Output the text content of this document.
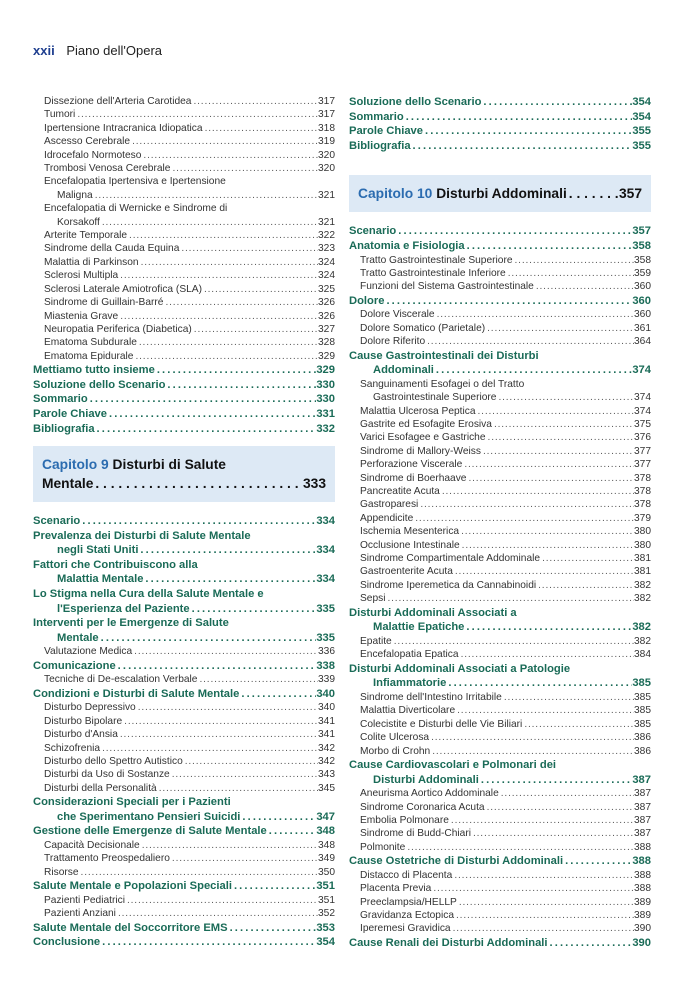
xxii Piano dell'Opera
Dissezione dell'Arteria Carotidea . . .	317
Tumori . . .	317
Ipertensione Intracranica Idiopatica . . .	318
Ascesso Cerebrale . . .	319
Idrocefalo Normoteso . . .	320
Trombosi Venosa Cerebrale . . .	320
Encefalopatia Ipertensiva e Ipertensione
Maligna . . .	321
Encefalopatia di Wernicke e Sindrome di
Korsakoff . . .	321
Arterite Temporale . . .	322
Sindrome della Cauda Equina . . .	323
Malattia di Parkinson . . .	324
Sclerosi Multipla . . .	324
Sclerosi Laterale Amiotrofica (SLA) . . .	325
Sindrome di Guillain-Barré . . .	326
Miastenia Grave . . .	326
Neuropatia Periferica (Diabetica) . . .	327
Ematoma Subdurale . . .	328
Ematoma Epidurale . . .	329
Mettiamo tutto insieme . . .	329
Soluzione dello Scenario . . .	330
Sommario . . .	330
Parole Chiave . . .	331
Bibliografia . . .	332
Capitolo 9 Disturbi di Salute
Mentale . . .	333
Scenario . . .	334
Prevalenza dei Disturbi di Salute Mentale
negli Stati Uniti . . .	334
Fattori che Contribuiscono alla
Malattia Mentale . . .	334
Lo Stigma nella Cura della Salute Mentale e
l'Esperienza del Paziente . . .	335
Interventi per le Emergenze di Salute
Mentale . . .	335
Valutazione Medica . . .	336
Comunicazione . . .	338
Tecniche di De-escalation Verbale . . .	339
Condizioni e Disturbi di Salute Mentale . . .	340
Disturbo Depressivo . . .	340
Disturbo Bipolare . . .	341
Disturbo d'Ansia . . .	341
Schizofrenia . . .	342
Disturbo dello Spettro Autistico . . .	342
Disturbi da Uso di Sostanze . . .	343
Disturbi della Personalità . . .	345
Considerazioni Speciali per i Pazienti
che Sperimentano Pensieri Suicidi . . .	347
Gestione delle Emergenze di Salute Mentale . . .	348
Capacità Decisionale . . .	348
Trattamento Preospedaliero . . .	349
Risorse . . .	350
Salute Mentale e Popolazioni Speciali . . .	351
Pazienti Pediatrici . . .	351
Pazienti Anziani . . .	352
Salute Mentale del Soccorritore EMS . . .	353
Conclusione . . .	354
Soluzione dello Scenario . . .	354
Sommario . . .	354
Parole Chiave . . .	355
Bibliografia . . .	355
Capitolo 10 Disturbi Addominali . . .	357
Scenario . . .	357
Anatomia e Fisiologia . . .	358
Tratto Gastrointestinale Superiore . . .	358
Tratto Gastrointestinale Inferiore . . .	359
Funzioni del Sistema Gastrointestinale . . .	360
Dolore . . .	360
Dolore Viscerale . . .	360
Dolore Somatico (Parietale) . . .	361
Dolore Riferito . . .	364
Cause Gastrointestinali dei Disturbi
Addominali . . .	374
Sanguinamenti Esofagei o del Tratto
Gastrointestinale Superiore . . .	374
Malattia Ulcerosa Peptica . . .	374
Gastrite ed Esofagite Erosiva . . .	375
Varici Esofagee e Gastriche . . .	376
Sindrome di Mallory-Weiss . . .	377
Perforazione Viscerale . . .	377
Sindrome di Boerhaave . . .	378
Pancreatite Acuta . . .	378
Gastroparesi . . .	378
Appendicite . . .	379
Ischemia Mesenterica . . .	380
Occlusione Intestinale . . .	380
Sindrome Compartimentale Addominale . . .	381
Gastroenterite Acuta . . .	381
Sindrome Iperemetica da Cannabinoidi . . .	382
Sepsi . . .	382
Disturbi Addominali Associati a
Malattie Epatiche . . .	382
Epatite . . .	382
Encefalopatia Epatica . . .	384
Disturbi Addominali Associati a Patologie
Infiammatorie . . .	385
Sindrome dell'Intestino Irritabile . . .	385
Malattia Diverticolare . . .	385
Colecistite e Disturbi delle Vie Biliari . . .	385
Colite Ulcerosa . . .	386
Morbo di Crohn . . .	386
Cause Cardiovascolari e Polmonari dei
Disturbi Addominali . . .	387
Aneurisma Aortico Addominale . . .	387
Sindrome Coronarica Acuta . . .	387
Embolia Polmonare . . .	387
Sindrome di Budd-Chiari . . .	387
Polmonite . . .	388
Cause Ostetriche di Disturbi Addominali . . .	388
Distacco di Placenta . . .	388
Placenta Previa . . .	388
Preeclampsia/HELLP . . .	389
Gravidanza Ectopica . . .	389
Iperemesi Gravidica . . .	390
Cause Renali dei Disturbi Addominali . . .	390
